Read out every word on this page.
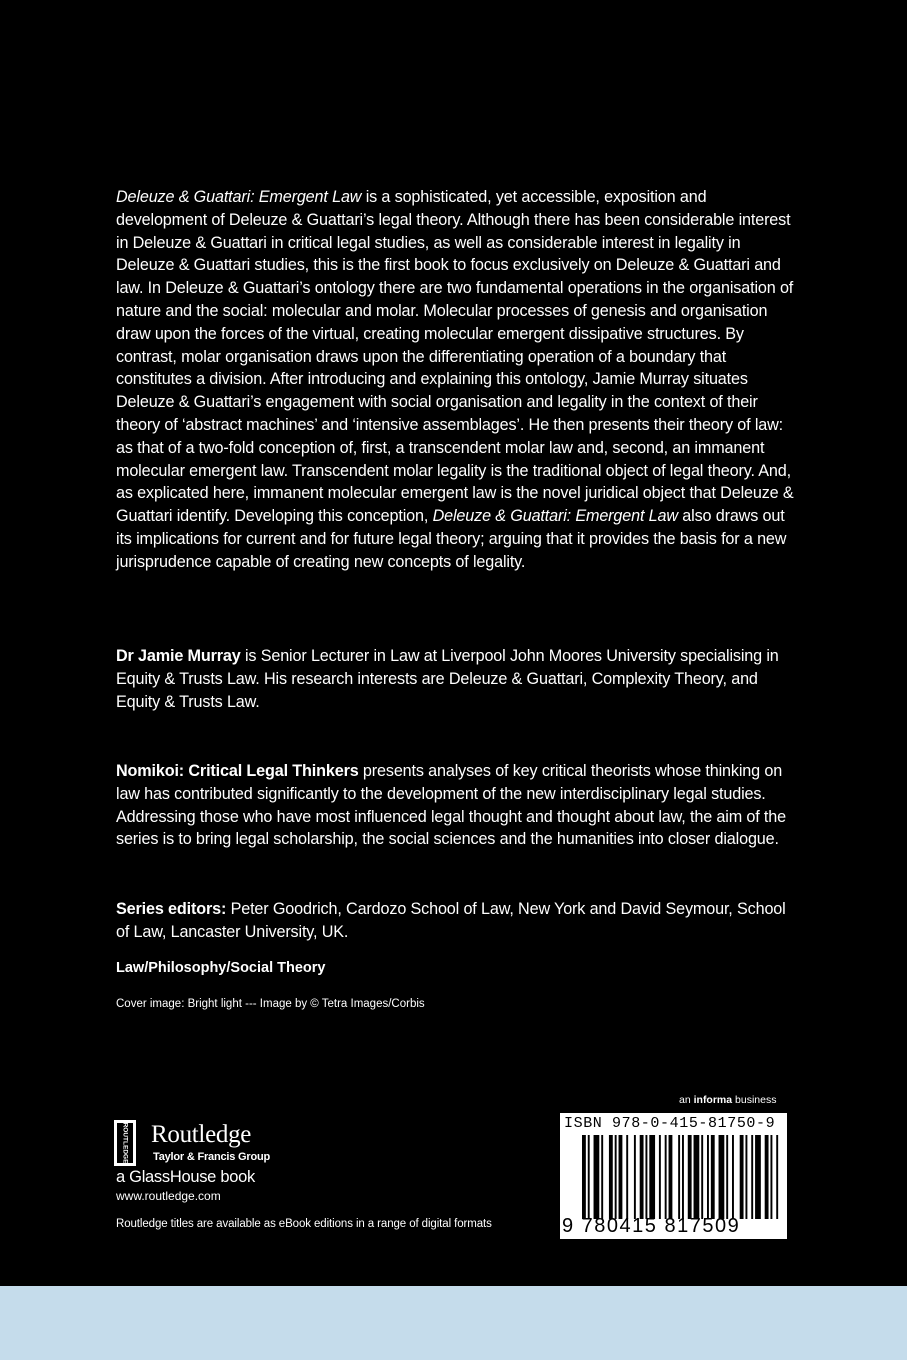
Deleuze & Guattari: Emergent Law is a sophisticated, yet accessible, exposition and development of Deleuze & Guattari’s legal theory. Although there has been considerable interest in Deleuze & Guattari in critical legal studies, as well as considerable interest in legality in Deleuze & Guattari studies, this is the first book to focus exclusively on Deleuze & Guattari and law. In Deleuze & Guattari’s ontology there are two fundamental operations in the organisation of nature and the social: molecular and molar. Molecular processes of genesis and organisation draw upon the forces of the virtual, creating molecular emergent dissipative structures. By contrast, molar organisation draws upon the differentiating operation of a boundary that constitutes a division. After introducing and explaining this ontology, Jamie Murray situates Deleuze & Guattari’s engagement with social organisation and legality in the context of their theory of ‘abstract machines’ and ‘intensive assemblages’. He then presents their theory of law: as that of a two-fold conception of, first, a transcendent molar law and, second, an immanent molecular emergent law. Transcendent molar legality is the traditional object of legal theory. And, as explicated here, immanent molecular emergent law is the novel juridical object that Deleuze & Guattari identify. Developing this conception, Deleuze & Guattari: Emergent Law also draws out its implications for current and for future legal theory; arguing that it provides the basis for a new jurisprudence capable of creating new concepts of legality.

Dr Jamie Murray is Senior Lecturer in Law at Liverpool John Moores University specialising in Equity & Trusts Law. His research interests are Deleuze & Guattari, Complexity Theory, and Equity & Trusts Law.

Nomikoi: Critical Legal Thinkers presents analyses of key critical theorists whose thinking on law has contributed significantly to the development of the new interdisciplinary legal studies. Addressing those who have most influenced legal thought and thought about law, the aim of the series is to bring legal scholarship, the social sciences and the humanities into closer dialogue.

Series editors: Peter Goodrich, Cardozo School of Law, New York and David Seymour, School of Law, Lancaster University, UK.

Law/Philosophy/Social Theory

Cover image: Bright light --- Image by © Tetra Images/Corbis

an informa business

ROUTLEDGE Routledge

Taylor & Francis Group

a GlassHouse book

www.routledge.com

Routledge titles are available as eBook editions in a range of digital formats

ISBN 978-0-415-81750-9

9 780415 817509
